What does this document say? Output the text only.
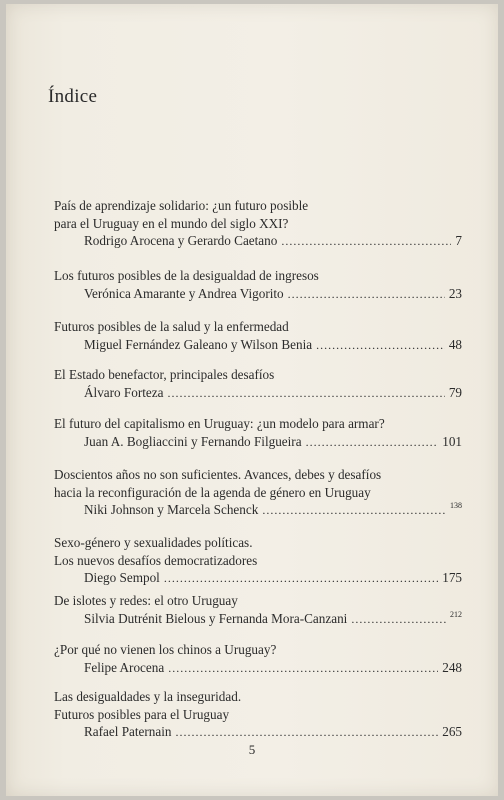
Índice
País de aprendizaje solidario: ¿un futuro posible
para el Uruguay en el mundo del siglo XXI?
Rodrigo Arocena y Gerardo Caetano .....	7
Los futuros posibles de la desigualdad de ingresos
Verónica Amarante y Andrea Vigorito .....	23
Futuros posibles de la salud y la enfermedad
Miguel Fernández Galeano y Wilson Benia .....	48
El Estado benefactor, principales desafíos
Álvaro Forteza .....	79
El futuro del capitalismo en Uruguay: ¿un modelo para armar?
Juan A. Bogliaccini y Fernando Filgueira .....	101
Doscientos años no son suficientes. Avances, debes y desafíos
hacia la reconfiguración de la agenda de género en Uruguay
Niki Johnson y Marcela Schenck .....	138
Sexo-género y sexualidades políticas.
Los nuevos desafíos democratizadores
Diego Sempol .....	175
De islotes y redes: el otro Uruguay
Silvia Dutrénit Bielous y Fernanda Mora-Canzani .....	212
¿Por qué no vienen los chinos a Uruguay?
Felipe Arocena .....	248
Las desigualdades y la inseguridad.
Futuros posibles para el Uruguay
Rafael Paternain .....	265
5
